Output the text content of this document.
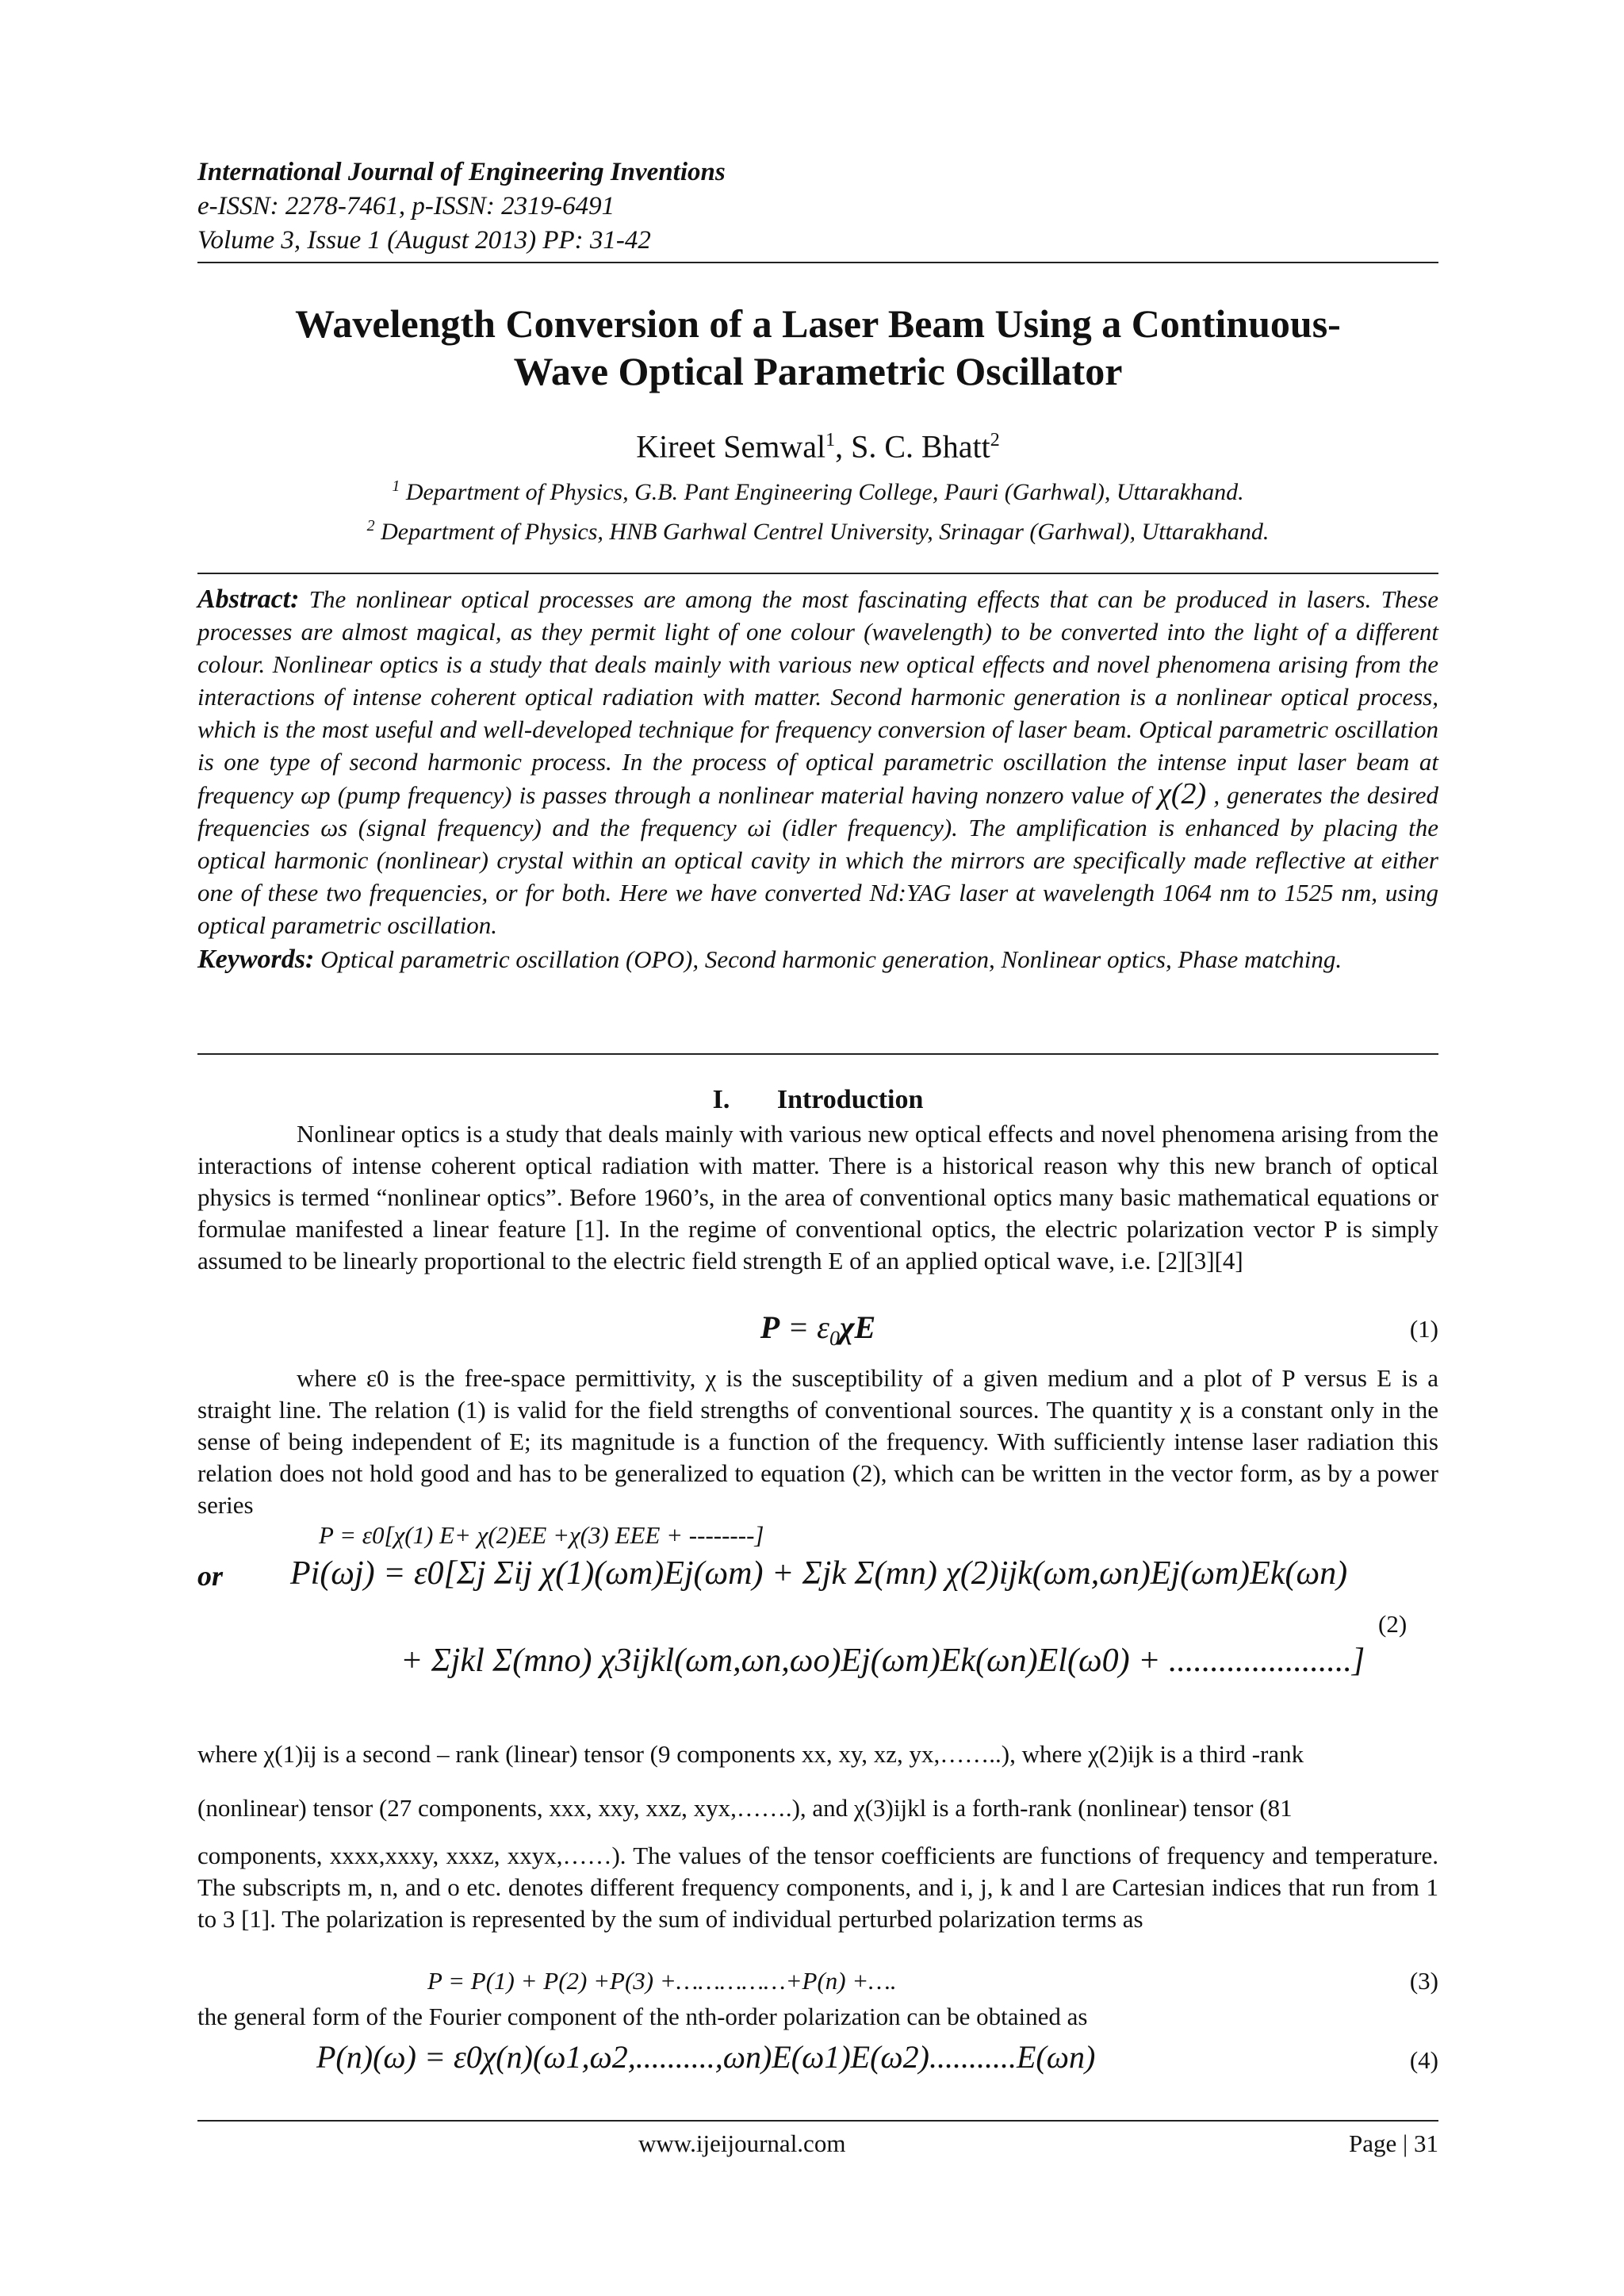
International Journal of Engineering Inventions
e-ISSN: 2278-7461, p-ISSN: 2319-6491
Volume 3, Issue 1 (August 2013) PP: 31-42
Wavelength Conversion of a Laser Beam Using a Continuous-
Wave Optical Parametric Oscillator
Kireet Semwal$^1$, S. C. Bhatt$^2$
$^1$ Department of Physics, G.B. Pant Engineering College, Pauri (Garhwal), Uttarakhand.
$^2$ Department of Physics, HNB Garhwal Centrel University, Srinagar (Garhwal), Uttarakhand.
Abstract: The nonlinear optical processes are among the most fascinating effects that can be produced in lasers. These processes are almost magical, as they permit light of one colour (wavelength) to be converted into the light of a different colour. Nonlinear optics is a study that deals mainly with various new optical effects and novel phenomena arising from the interactions of intense coherent optical radiation with matter. Second harmonic generation is a nonlinear optical process, which is the most useful and well-developed technique for frequency conversion of laser beam. Optical parametric oscillation is one type of second harmonic process. In the process of optical parametric oscillation the intense input laser beam at frequency ωp (pump frequency) is passes through a nonlinear material having nonzero value of χ(2) , generates the desired frequencies ωs (signal frequency) and the frequency ωi (idler frequency). The amplification is enhanced by placing the optical harmonic (nonlinear) crystal within an optical cavity in which the mirrors are specifically made reflective at either one of these two frequencies, or for both. Here we have converted Nd:YAG laser at wavelength 1064 nm to 1525 nm, using optical parametric oscillation.
Keywords: Optical parametric oscillation (OPO), Second harmonic generation, Nonlinear optics, Phase matching.
I. Introduction
Nonlinear optics is a study that deals mainly with various new optical effects and novel phenomena arising from the interactions of intense coherent optical radiation with matter. There is a historical reason why this new branch of optical physics is termed “nonlinear optics”. Before 1960’s, in the area of conventional optics many basic mathematical equations or formulae manifested a linear feature [1]. In the regime of conventional optics, the electric polarization vector P is simply assumed to be linearly proportional to the electric field strength E of an applied optical wave, i.e. [2][3][4]
$P = \varepsilon_0\chi E$	(1)
where ε0 is the free-space permittivity, χ is the susceptibility of a given medium and a plot of P versus E is a straight line. The relation (1) is valid for the field strengths of conventional sources. The quantity χ is a constant only in the sense of being independent of E; its magnitude is a function of the frequency. With sufficiently intense laser radiation this relation does not hold good and has to be generalized to equation (2), which can be written in the vector form, as by a power series
P = ε0[χ(1) E+ χ(2)EE +χ(3) EEE + --------]
or Pi(ωj) = ε0[Σj Σij χ(1)(ωm)Ej(ωm) + Σjk Σ(mn) χ(2)ijk(ωm,ωn)Ej(ωm)Ek(ωn)
+ Σjkl Σ(mno) χ3ijkl(ωm,ωn,ωo)Ej(ωm)Ek(ωn)El(ω0) + ......................]
(2)
where χ(1)ij is a second – rank (linear) tensor (9 components xx, xy, xz, yx,……..), where χ(2)ijk is a third -rank
(nonlinear) tensor (27 components, xxx, xxy, xxz, xyx,…….), and χ(3)ijkl is a forth-rank (nonlinear) tensor (81
components, xxxx,xxxy, xxxz, xxyx,……). The values of the tensor coefficients are functions of frequency and temperature. The subscripts m, n, and o etc. denotes different frequency components, and i, j, k and l are Cartesian indices that run from 1 to 3 [1]. The polarization is represented by the sum of individual perturbed polarization terms as
P = P(1) + P(2) +P(3) +……………+P(n) +….	(3)
the general form of the Fourier component of the nth-order polarization can be obtained as
P(n)(ω) = ε0χ(n)(ω1,ω2,..........,ωn)E(ω1)E(ω2)...........E(ωn)	(4)
www.ijeijournal.com	Page | 31
